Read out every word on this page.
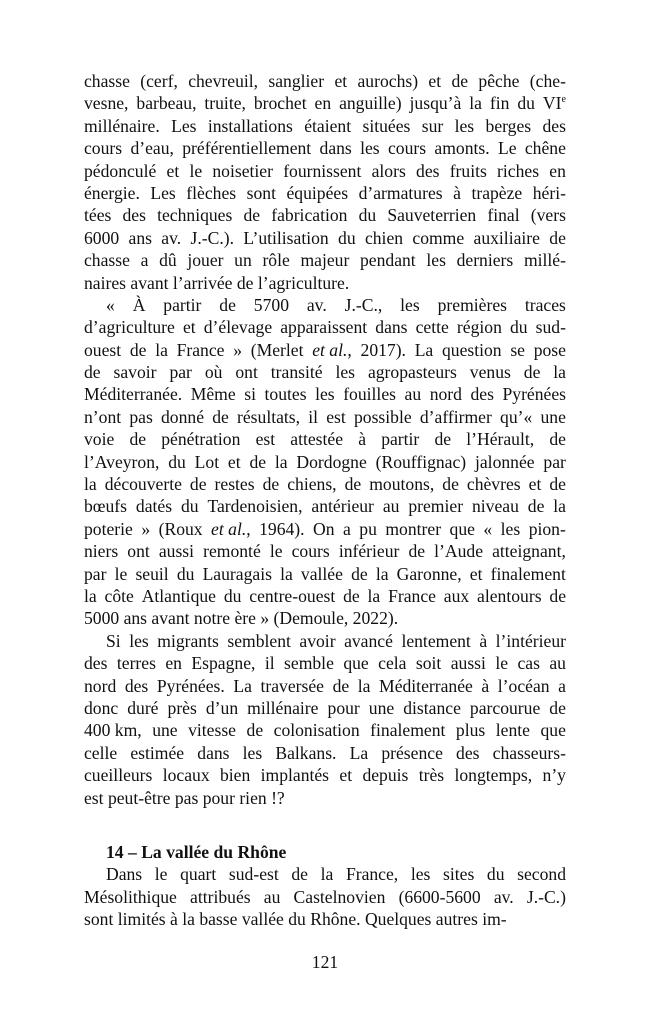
chasse (cerf, chevreuil, sanglier et aurochs) et de pêche (che-
vesne, barbeau, truite, brochet en anguille) jusqu’à la fin du VIe
millénaire. Les installations étaient situées sur les berges des
cours d’eau, préférentiellement dans les cours amonts. Le chêne
pédonculé et le noisetier fournissent alors des fruits riches en
énergie. Les flèches sont équipées d’armatures à trapèze héri-
tées des techniques de fabrication du Sauveterrien final (vers
6000 ans av. J.-C.). L’utilisation du chien comme auxiliaire de
chasse a dû jouer un rôle majeur pendant les derniers millé-
naires avant l’arrivée de l’agriculture.
« À partir de 5700 av. J.-C., les premières traces
d’agriculture et d’élevage apparaissent dans cette région du sud-
ouest de la France » (Merlet et al., 2017). La question se pose
de savoir par où ont transité les agropasteurs venus de la
Méditerranée. Même si toutes les fouilles au nord des Pyrénées
n’ont pas donné de résultats, il est possible d’affirmer qu’« une
voie de pénétration est attestée à partir de l’Hérault, de
l’Aveyron, du Lot et de la Dordogne (Rouffignac) jalonnée par
la découverte de restes de chiens, de moutons, de chèvres et de
bœufs datés du Tardenoisien, antérieur au premier niveau de la
poterie » (Roux et al., 1964). On a pu montrer que « les pion-
niers ont aussi remonté le cours inférieur de l’Aude atteignant,
par le seuil du Lauragais la vallée de la Garonne, et finalement
la côte Atlantique du centre-ouest de la France aux alentours de
5000 ans avant notre ère » (Demoule, 2022).
Si les migrants semblent avoir avancé lentement à l’intérieur
des terres en Espagne, il semble que cela soit aussi le cas au
nord des Pyrénées. La traversée de la Méditerranée à l’océan a
donc duré près d’un millénaire pour une distance parcourue de
400 km, une vitesse de colonisation finalement plus lente que
celle estimée dans les Balkans. La présence des chasseurs-
cueilleurs locaux bien implantés et depuis très longtemps, n’y
est peut-être pas pour rien !?
14 – La vallée du Rhône
Dans le quart sud-est de la France, les sites du second
Mésolithique attribués au Castelnovien (6600-5600 av. J.-C.)
sont limités à la basse vallée du Rhône. Quelques autres im-
121
